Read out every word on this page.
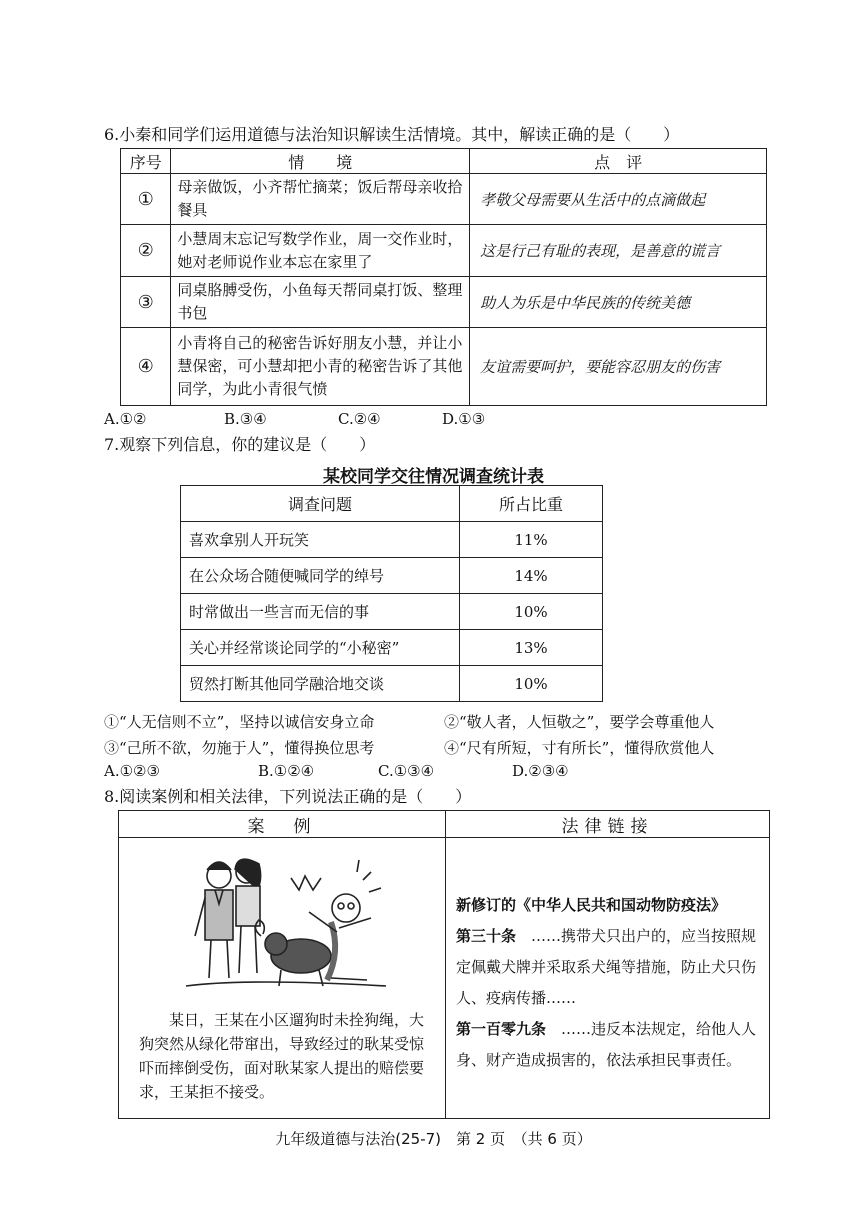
6.小秦和同学们运用道德与法治知识解读生活情境。其中，解读正确的是（　　）
序号	情　　境	点　评
①	母亲做饭，小齐帮忙摘菜；饭后帮母亲收拾餐具	孝敬父母需要从生活中的点滴做起
②	小慧周末忘记写数学作业，周一交作业时，她对老师说作业本忘在家里了	这是行己有耻的表现，是善意的谎言
③	同桌胳膊受伤，小鱼每天帮同桌打饭、整理书包	助人为乐是中华民族的传统美德
④	小青将自己的秘密告诉好朋友小慧，并让小慧保密，可小慧却把小青的秘密告诉了其他同学，为此小青很气愤	友谊需要呵护，要能容忍朋友的伤害
A.①②	B.③④	C.②④	D.①③
7.观察下列信息，你的建议是（　　）
某校同学交往情况调查统计表
调查问题	所占比重
喜欢拿别人开玩笑	11%
在公众场合随便喊同学的绰号	14%
时常做出一些言而无信的事	10%
关心并经常谈论同学的“小秘密”	13%
贸然打断其他同学融洽地交谈	10%
①“人无信则不立”，坚持以诚信安身立命	②“敬人者，人恒敬之”，要学会尊重他人
③“己所不欲，勿施于人”，懂得换位思考	④“尺有所短，寸有所长”，懂得欣赏他人
A.①②③	B.①②④	C.①③④	D.②③④
8.阅读案例和相关法律，下列说法正确的是（　　）
案　例	法律链接

某日，王某在小区遛狗时未拴狗绳，大狗突然从绿化带窜出，导致经过的耿某受惊吓而摔倒受伤，面对耿某家人提出的赔偿要求，王某拒不接受。	新修订的《中华人民共和国动物防疫法》
第三十条　 ……携带犬只出户的，应当按照规定佩戴犬牌并采取系犬绳等措施，防止犬只伤人、疫病传播……
第一百零九条　 ……违反本法规定，给他人人身、财产造成损害的，依法承担民事责任。
九年级道德与法治(25-7)　第 2 页　（共 6 页）
